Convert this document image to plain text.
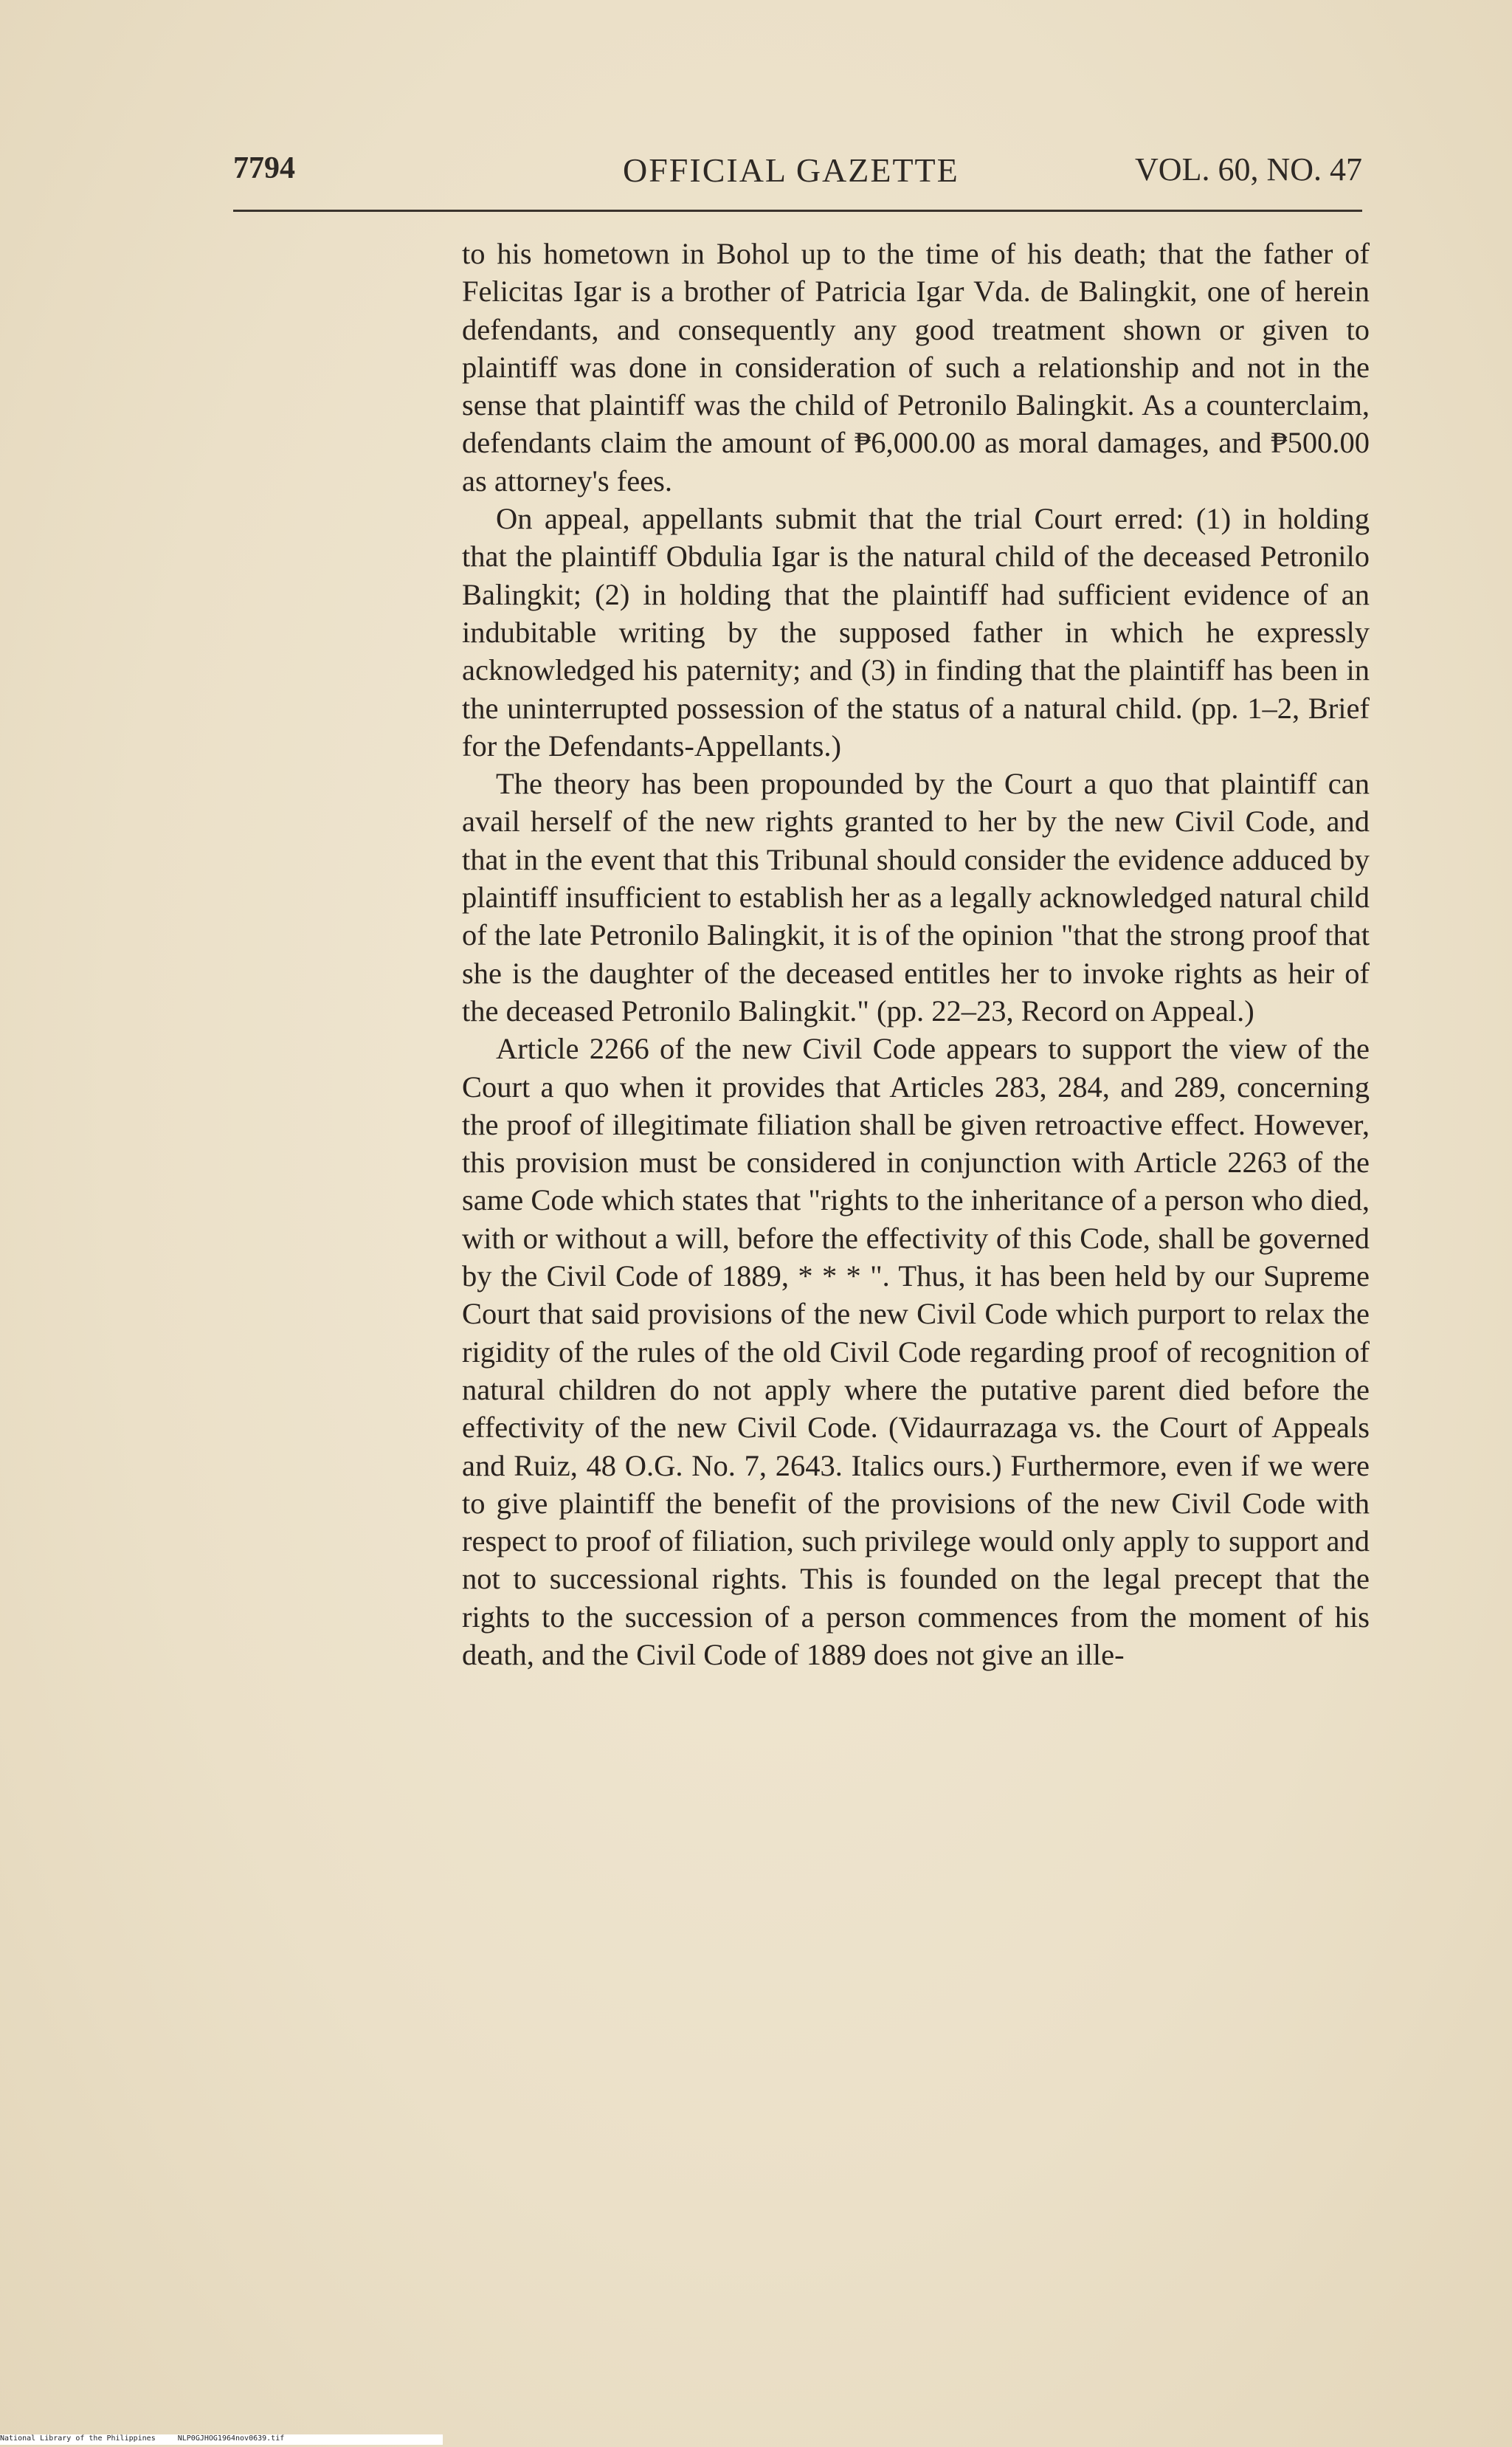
7794	OFFICIAL GAZETTE	VOL. 60, NO. 47

to his hometown in Bohol up to the time of his death; that the father of Felicitas Igar is a brother of Patricia Igar Vda. de Balingkit, one of herein defendants, and consequently any good treatment shown or given to plaintiff was done in consideration of such a relationship and not in the sense that plaintiff was the child of Petronilo Balingkit. As a counterclaim, defendants claim the amount of ₱6,000.00 as moral damages, and ₱500.00 as attorney's fees.

On appeal, appellants submit that the trial Court erred: (1) in holding that the plaintiff Obdulia Igar is the natural child of the deceased Petronilo Balingkit; (2) in holding that the plaintiff had sufficient evidence of an indubitable writing by the supposed father in which he expressly acknowledged his paternity; and (3) in finding that the plaintiff has been in the uninterrupted possession of the status of a natural child. (pp. 1–2, Brief for the Defendants-Appellants.)

The theory has been propounded by the Court a quo that plaintiff can avail herself of the new rights granted to her by the new Civil Code, and that in the event that this Tribunal should consider the evidence adduced by plaintiff insufficient to establish her as a legally acknowledged natural child of the late Petronilo Balingkit, it is of the opinion "that the strong proof that she is the daughter of the deceased entitles her to invoke rights as heir of the deceased Petronilo Balingkit." (pp. 22–23, Record on Appeal.)

Article 2266 of the new Civil Code appears to support the view of the Court a quo when it provides that Articles 283, 284, and 289, concerning the proof of illegitimate filiation shall be given retroactive effect. However, this provision must be considered in conjunction with Article 2263 of the same Code which states that "rights to the inheritance of a person who died, with or without a will, before the effectivity of this Code, shall be governed by the Civil Code of 1889, * * * ". Thus, it has been held by our Supreme Court that said provisions of the new Civil Code which purport to relax the rigidity of the rules of the old Civil Code regarding proof of recognition of natural children do not apply where the putative parent died before the effectivity of the new Civil Code. (Vidaurrazaga vs. the Court of Appeals and Ruiz, 48 O.G. No. 7, 2643. Italics ours.) Furthermore, even if we were to give plaintiff the benefit of the provisions of the new Civil Code with respect to proof of filiation, such privilege would only apply to support and not to successional rights. This is founded on the legal precept that the rights to the succession of a person commences from the moment of his death, and the Civil Code of 1889 does not give an ille-

National Library of the Philippines	NLP0GJHOG1964nov0639.tif
